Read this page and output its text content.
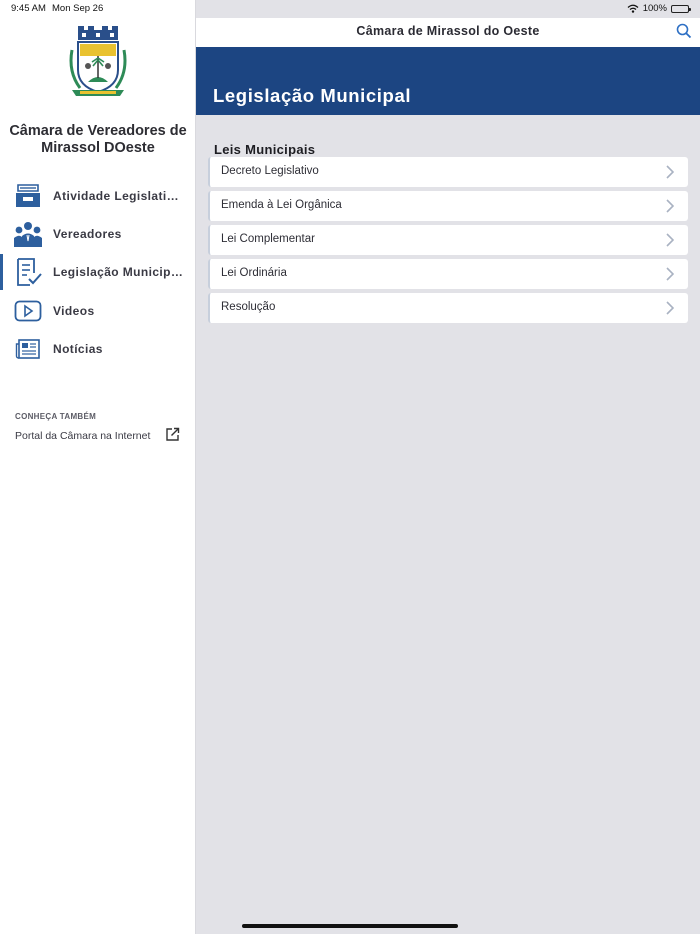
Câmara de Vereadores de Mirassol DOeste
Atividade Legislati…
Vereadores
Legislação Municip…
Videos
Notícias
CONHEÇA TAMBÉM
Portal da Câmara na Internet
Câmara de Mirassol do Oeste
Legislação Municipal
Leis Municipais
Decreto Legislativo
Emenda à Lei Orgânica
Lei Complementar
Lei Ordinária
Resolução
9:45 AM Mon Sep 26	100%
